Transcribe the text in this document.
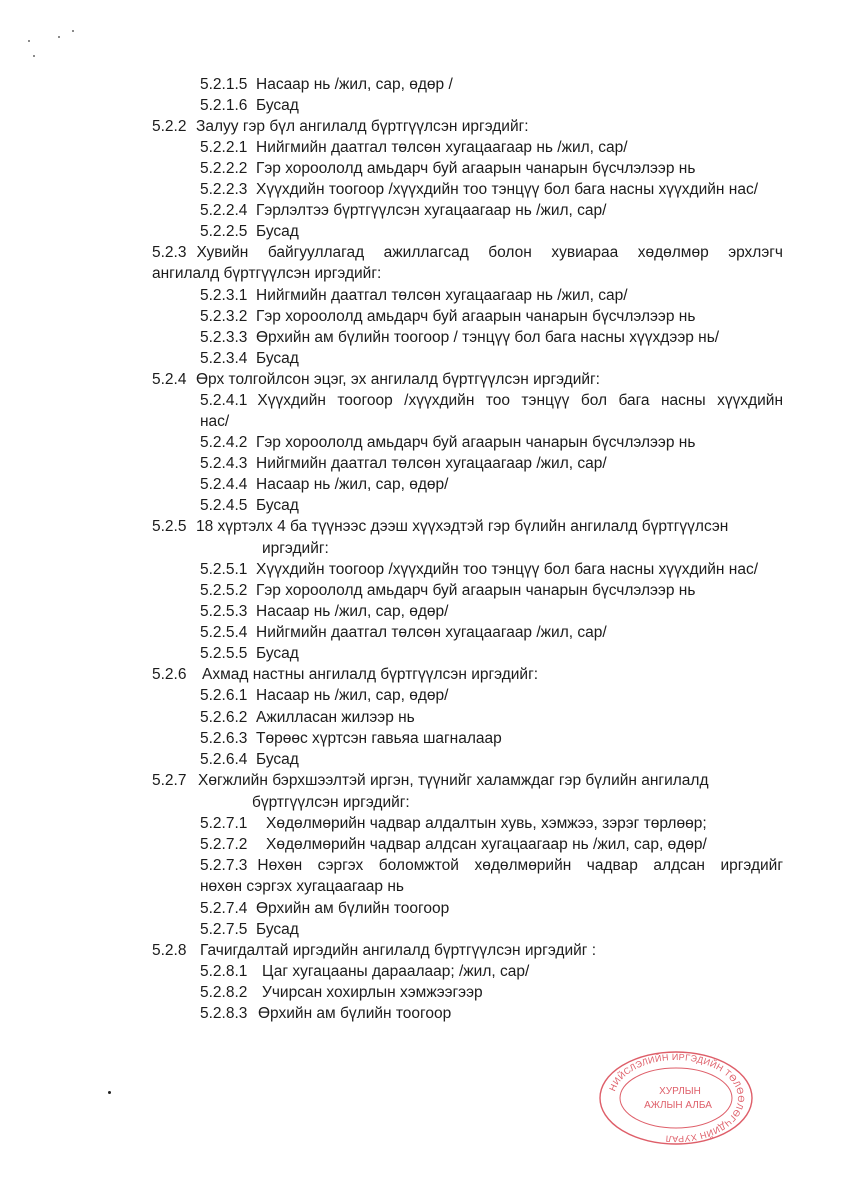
5.2.1.5 Насаар нь /жил, сар, өдөр /
5.2.1.6 Бусад
5.2.2 Залуу гэр бүл ангилалд бүртгүүлсэн иргэдийг:
5.2.2.1 Нийгмийн даатгал төлсөн хугацаагаар нь /жил, сар/
5.2.2.2 Гэр хороололд амьдарч буй агаарын чанарын бүсчлэлээр нь
5.2.2.3 Хүүхдийн тоогоор /хүүхдийн тоо тэнцүү бол бага насны хүүхдийн нас/
5.2.2.4 Гэрлэлтээ бүртгүүлсэн хугацаагаар нь /жил, сар/
5.2.2.5 Бусад
5.2.3 Хувийн байгууллагад ажиллагсад болон хувиараа хөдөлмөр эрхлэгч
ангилалд бүртгүүлсэн иргэдийг:
5.2.3.1 Нийгмийн даатгал төлсөн хугацаагаар нь /жил, сар/
5.2.3.2 Гэр хороололд амьдарч буй агаарын чанарын бүсчлэлээр нь
5.2.3.3 Өрхийн ам бүлийн тоогоор / тэнцүү бол бага насны хүүхдээр нь/
5.2.3.4 Бусад
5.2.4 Өрх толгойлсон эцэг, эх ангилалд бүртгүүлсэн иргэдийг:
5.2.4.1 Хүүхдийн тоогоор /хүүхдийн тоо тэнцүү бол бага насны хүүхдийн
нас/
5.2.4.2 Гэр хороололд амьдарч буй агаарын чанарын бүсчлэлээр нь
5.2.4.3 Нийгмийн даатгал төлсөн хугацаагаар /жил, сар/
5.2.4.4 Насаар нь /жил, сар, өдөр/
5.2.4.5 Бусад
5.2.5 18 хүртэлх 4 ба түүнээс дээш хүүхэдтэй гэр бүлийн ангилалд бүртгүүлсэн
иргэдийг:
5.2.5.1 Хүүхдийн тоогоор /хүүхдийн тоо тэнцүү бол бага насны хүүхдийн нас/
5.2.5.2 Гэр хороололд амьдарч буй агаарын чанарын бүсчлэлээр нь
5.2.5.3 Насаар нь /жил, сар, өдөр/
5.2.5.4 Нийгмийн даатгал төлсөн хугацаагаар /жил, сар/
5.2.5.5 Бусад
5.2.6 Ахмад настны ангилалд бүртгүүлсэн иргэдийг:
5.2.6.1 Насаар нь /жил, сар, өдөр/
5.2.6.2 Ажилласан жилээр нь
5.2.6.3 Төрөөс хүртсэн гавьяа шагналаар
5.2.6.4 Бусад
5.2.7 Хөгжлийн бэрхшээлтэй иргэн, түүнийг халамждаг гэр бүлийн ангилалд
бүртгүүлсэн иргэдийг:
5.2.7.1 Хөдөлмөрийн чадвар алдалтын хувь, хэмжээ, зэрэг төрлөөр;
5.2.7.2 Хөдөлмөрийн чадвар алдсан хугацаагаар нь /жил, сар, өдөр/
5.2.7.3 Нөхөн сэргэх боломжтой хөдөлмөрийн чадвар алдсан иргэдийг
нөхөн сэргэх хугацаагаар нь
5.2.7.4 Өрхийн ам бүлийн тоогоор
5.2.7.5 Бусад
5.2.8 Гачигдалтай иргэдийн ангилалд бүртгүүлсэн иргэдийг :
5.2.8.1 Цаг хугацааны дараалаар; /жил, сар/
5.2.8.2 Учирсан хохирлын хэмжээгээр
5.2.8.3 Өрхийн ам бүлийн тоогоор
НИЙСЛЭЛИЙН ИРГЭДИЙН ТӨЛӨӨЛӨГЧДИЙН ХУРАЛ
ХУРЛЫН
АЖЛЫН АЛБА
